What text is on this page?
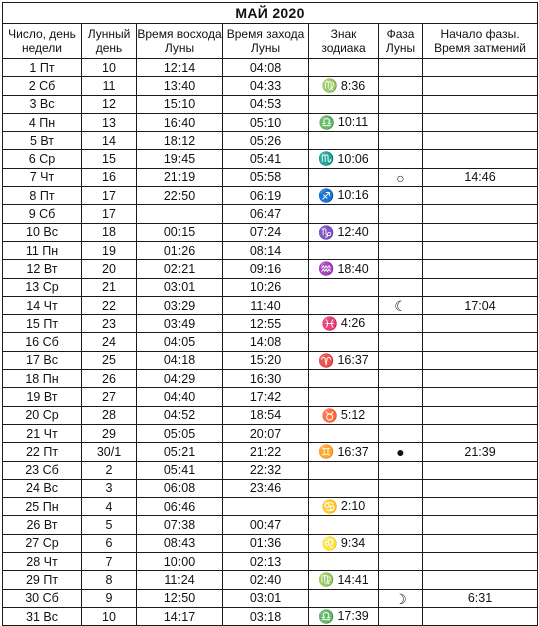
МАЙ 2020						
Число, день недели	Лунный день	Время восхода Луны	Время захода Луны	Знак зодиака	Фаза Луны	Начало фазы. Время затмений
1 Пт	10	12:14	04:08			
2 Сб	11	13:40	04:33	♍ 8:36		
3 Вс	12	15:10	04:53			
4 Пн	13	16:40	05:10	♎ 10:11		
5 Вт	14	18:12	05:26			
6 Ср	15	19:45	05:41	♏ 10:06		
7 Чт	16	21:19	05:58		○	14:46
8 Пт	17	22:50	06:19	♐ 10:16		
9 Сб	17		06:47			
10 Вс	18	00:15	07:24	♑ 12:40		
11 Пн	19	01:26	08:14			
12 Вт	20	02:21	09:16	♒ 18:40		
13 Ср	21	03:01	10:26			
14 Чт	22	03:29	11:40		☾	17:04
15 Пт	23	03:49	12:55	♓ 4:26		
16 Сб	24	04:05	14:08			
17 Вс	25	04:18	15:20	♈ 16:37		
18 Пн	26	04:29	16:30			
19 Вт	27	04:40	17:42			
20 Ср	28	04:52	18:54	♉ 5:12		
21 Чт	29	05:05	20:07			
22 Пт	30/1	05:21	21:22	♊ 16:37	●	21:39
23 Сб	2	05:41	22:32			
24 Вс	3	06:08	23:46			
25 Пн	4	06:46		♋ 2:10		
26 Вт	5	07:38	00:47			
27 Ср	6	08:43	01:36	♌ 9:34		
28 Чт	7	10:00	02:13			
29 Пт	8	11:24	02:40	♍ 14:41		
30 Сб	9	12:50	03:01		☽	6:31
31 Вс	10	14:17	03:18	♎ 17:39		
